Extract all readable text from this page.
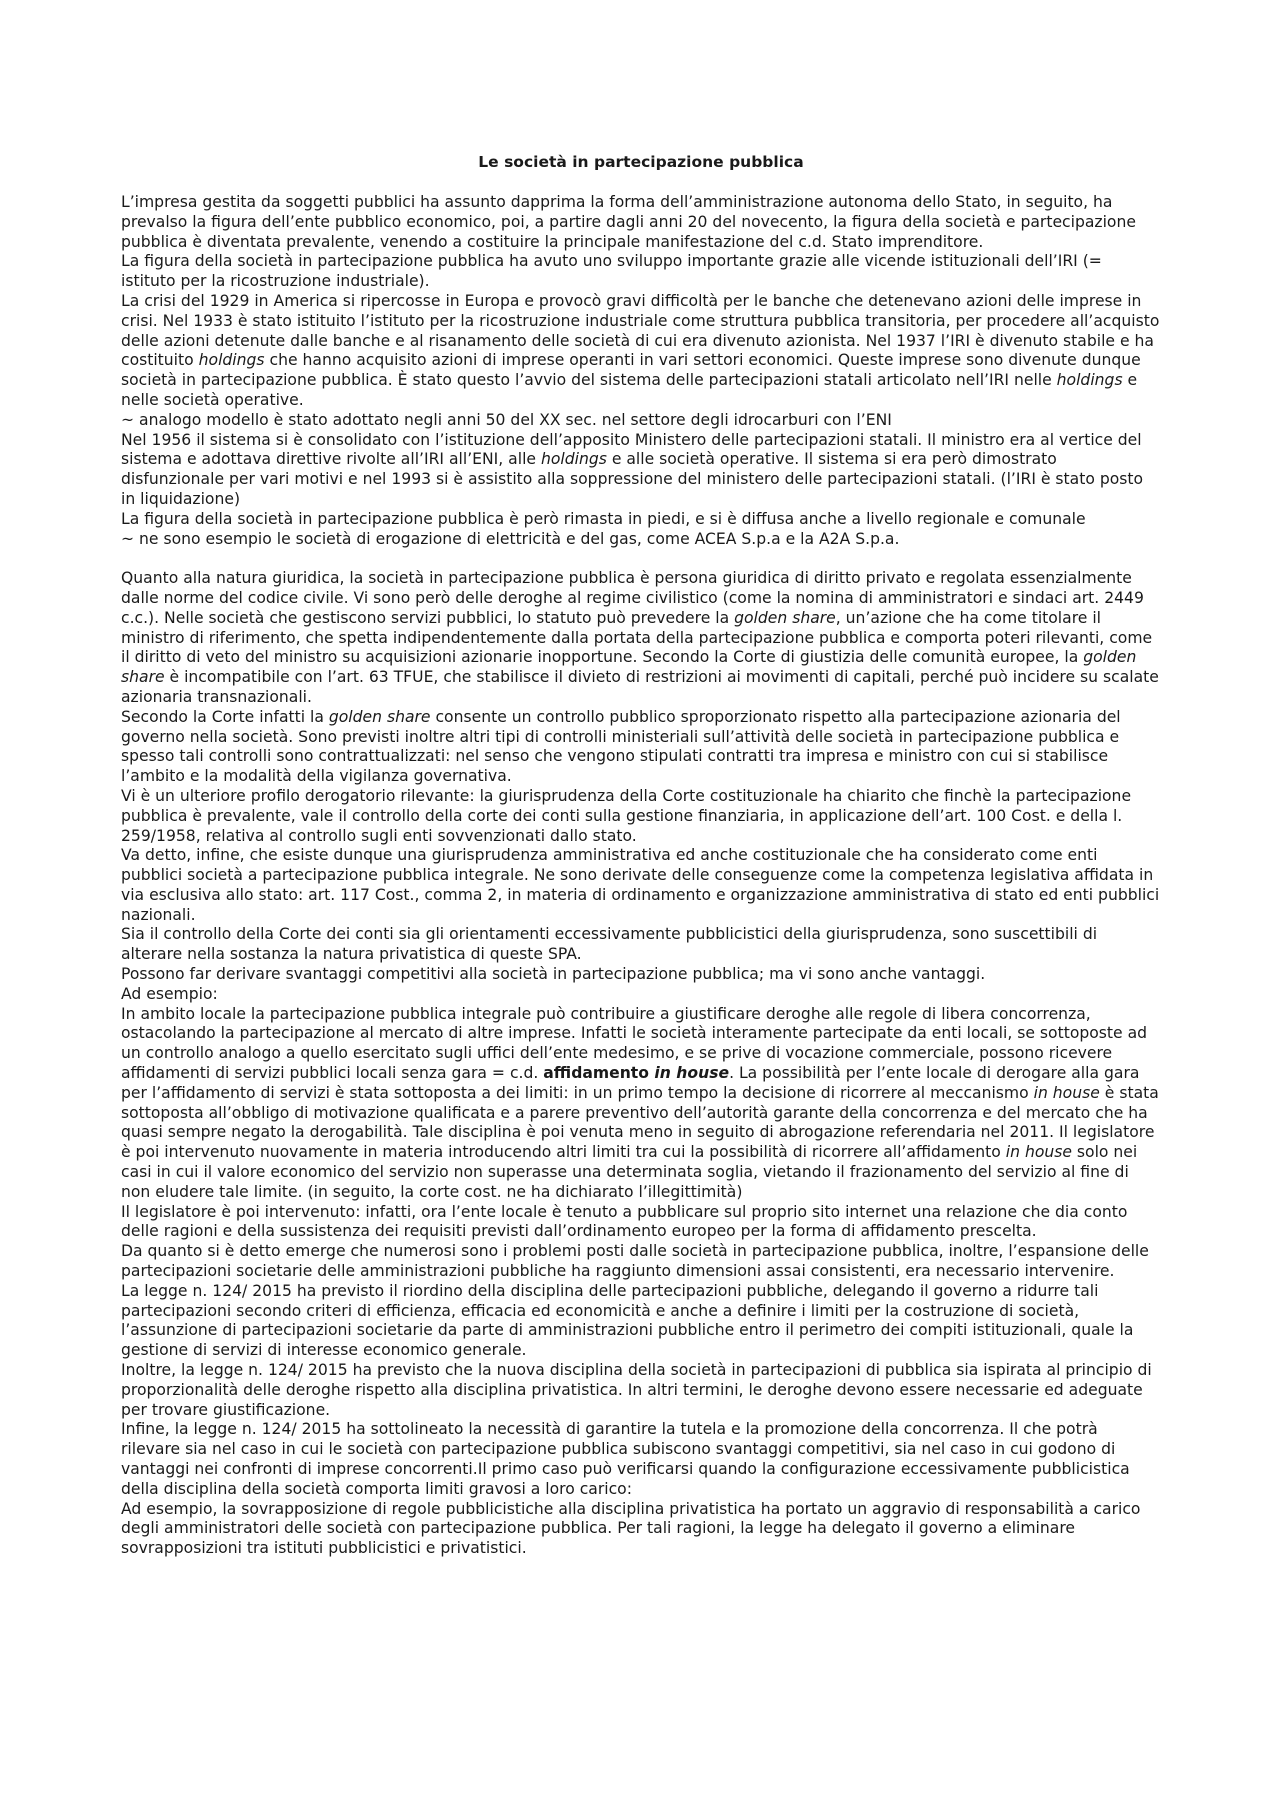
Le società in partecipazione pubblica

L’impresa gestita da soggetti pubblici ha assunto dapprima la forma dell’amministrazione autonoma dello Stato, in seguito, ha prevalso la figura dell’ente pubblico economico, poi, a partire dagli anni 20 del novecento, la figura della società e partecipazione pubblica è diventata prevalente, venendo a costituire la principale manifestazione del c.d. Stato imprenditore.

La figura della società in partecipazione pubblica ha avuto uno sviluppo importante grazie alle vicende istituzionali dell’IRI (= istituto per la ricostruzione industriale).

La crisi del 1929 in America si ripercosse in Europa e provocò gravi difficoltà per le banche che detenevano azioni delle imprese in crisi. Nel 1933 è stato istituito l’istituto per la ricostruzione industriale come struttura pubblica transitoria, per procedere all’acquisto delle azioni detenute dalle banche e al risanamento delle società di cui era divenuto azionista. Nel 1937 l’IRI è divenuto stabile e ha costituito holdings che hanno acquisito azioni di imprese operanti in vari settori economici. Queste imprese sono divenute dunque società in partecipazione pubblica. È stato questo l’avvio del sistema delle partecipazioni statali articolato nell’IRI nelle holdings e nelle società operative.

~ analogo modello è stato adottato negli anni 50 del XX sec. nel settore degli idrocarburi con l’ENI

Nel 1956 il sistema si è consolidato con l’istituzione dell’apposito Ministero delle partecipazioni statali. Il ministro era al vertice del sistema e adottava direttive rivolte all’IRI all’ENI, alle holdings e alle società operative. Il sistema si era però dimostrato disfunzionale per vari motivi e nel 1993 si è assistito alla soppressione del ministero delle partecipazioni statali. (l’IRI è stato posto in liquidazione)

La figura della società in partecipazione pubblica è però rimasta in piedi, e si è diffusa anche a livello regionale e comunale

~ ne sono esempio le società di erogazione di elettricità e del gas, come ACEA S.p.a e la A2A S.p.a.

Quanto alla natura giuridica, la società in partecipazione pubblica è persona giuridica di diritto privato e regolata essenzialmente dalle norme del codice civile. Vi sono però delle deroghe al regime civilistico (come la nomina di amministratori e sindaci art. 2449 c.c.). Nelle società che gestiscono servizi pubblici, lo statuto può prevedere la golden share, un’azione che ha come titolare il ministro di riferimento, che spetta indipendentemente dalla portata della partecipazione pubblica e comporta poteri rilevanti, come il diritto di veto del ministro su acquisizioni azionarie inopportune. Secondo la Corte di giustizia delle comunità europee, la golden share è incompatibile con l’art. 63 TFUE, che stabilisce il divieto di restrizioni ai movimenti di capitali, perché può incidere su scalate azionaria transnazionali.

Secondo la Corte infatti la golden share consente un controllo pubblico sproporzionato rispetto alla partecipazione azionaria del governo nella società. Sono previsti inoltre altri tipi di controlli ministeriali sull’attività delle società in partecipazione pubblica e spesso tali controlli sono contrattualizzati: nel senso che vengono stipulati contratti tra impresa e ministro con cui si stabilisce l’ambito e la modalità della vigilanza governativa.

Vi è un ulteriore profilo derogatorio rilevante: la giurisprudenza della Corte costituzionale ha chiarito che finchè la partecipazione pubblica è prevalente, vale il controllo della corte dei conti sulla gestione finanziaria, in applicazione dell’art. 100 Cost. e della l. 259/1958, relativa al controllo sugli enti sovvenzionati dallo stato.

Va detto, infine, che esiste dunque una giurisprudenza amministrativa ed anche costituzionale che ha considerato come enti pubblici società a partecipazione pubblica integrale. Ne sono derivate delle conseguenze come la competenza legislativa affidata in via esclusiva allo stato: art. 117 Cost., comma 2, in materia di ordinamento e organizzazione amministrativa di stato ed enti pubblici nazionali.

Sia il controllo della Corte dei conti sia gli orientamenti eccessivamente pubblicistici della giurisprudenza, sono suscettibili di alterare nella sostanza la natura privatistica di queste SPA.

Possono far derivare svantaggi competitivi alla società in partecipazione pubblica; ma vi sono anche vantaggi.

Ad esempio:

In ambito locale la partecipazione pubblica integrale può contribuire a giustificare deroghe alle regole di libera concorrenza, ostacolando la partecipazione al mercato di altre imprese. Infatti le società interamente partecipate da enti locali, se sottoposte ad un controllo analogo a quello esercitato sugli uffici dell’ente medesimo, e se prive di vocazione commerciale, possono ricevere affidamenti di servizi pubblici locali senza gara = c.d. affidamento in house. La possibilità per l’ente locale di derogare alla gara per l’affidamento di servizi è stata sottoposta a dei limiti: in un primo tempo la decisione di ricorrere al meccanismo in house è stata sottoposta all’obbligo di motivazione qualificata e a parere preventivo dell’autorità garante della concorrenza e del mercato che ha quasi sempre negato la derogabilità. Tale disciplina è poi venuta meno in seguito di abrogazione referendaria nel 2011. Il legislatore è poi intervenuto nuovamente in materia introducendo altri limiti tra cui la possibilità di ricorrere all’affidamento in house solo nei casi in cui il valore economico del servizio non superasse una determinata soglia, vietando il frazionamento del servizio al fine di non eludere tale limite. (in seguito, la corte cost. ne ha dichiarato l’illegittimità)

Il legislatore è poi intervenuto: infatti, ora l’ente locale è tenuto a pubblicare sul proprio sito internet una relazione che dia conto delle ragioni e della sussistenza dei requisiti previsti dall’ordinamento europeo per la forma di affidamento prescelta.

Da quanto si è detto emerge che numerosi sono i problemi posti dalle società in partecipazione pubblica, inoltre, l’espansione delle partecipazioni societarie delle amministrazioni pubbliche ha raggiunto dimensioni assai consistenti, era necessario intervenire.

La legge n. 124/ 2015 ha previsto il riordino della disciplina delle partecipazioni pubbliche, delegando il governo a ridurre tali partecipazioni secondo criteri di efficienza, efficacia ed economicità e anche a definire i limiti per la costruzione di società, l’assunzione di partecipazioni societarie da parte di amministrazioni pubbliche entro il perimetro dei compiti istituzionali, quale la gestione di servizi di interesse economico generale.

Inoltre, la legge n. 124/ 2015 ha previsto che la nuova disciplina della società in partecipazioni di pubblica sia ispirata al principio di proporzionalità delle deroghe rispetto alla disciplina privatistica. In altri termini, le deroghe devono essere necessarie ed adeguate per trovare giustificazione.

Infine, la legge n. 124/ 2015 ha sottolineato la necessità di garantire la tutela e la promozione della concorrenza. Il che potrà rilevare sia nel caso in cui le società con partecipazione pubblica subiscono svantaggi competitivi, sia nel caso in cui godono di vantaggi nei confronti di imprese concorrenti.Il primo caso può verificarsi quando la configurazione eccessivamente pubblicistica della disciplina della società comporta limiti gravosi a loro carico:

Ad esempio, la sovrapposizione di regole pubblicistiche alla disciplina privatistica ha portato un aggravio di responsabilità a carico degli amministratori delle società con partecipazione pubblica. Per tali ragioni, la legge ha delegato il governo a eliminare sovrapposizioni tra istituti pubblicistici e privatistici.
